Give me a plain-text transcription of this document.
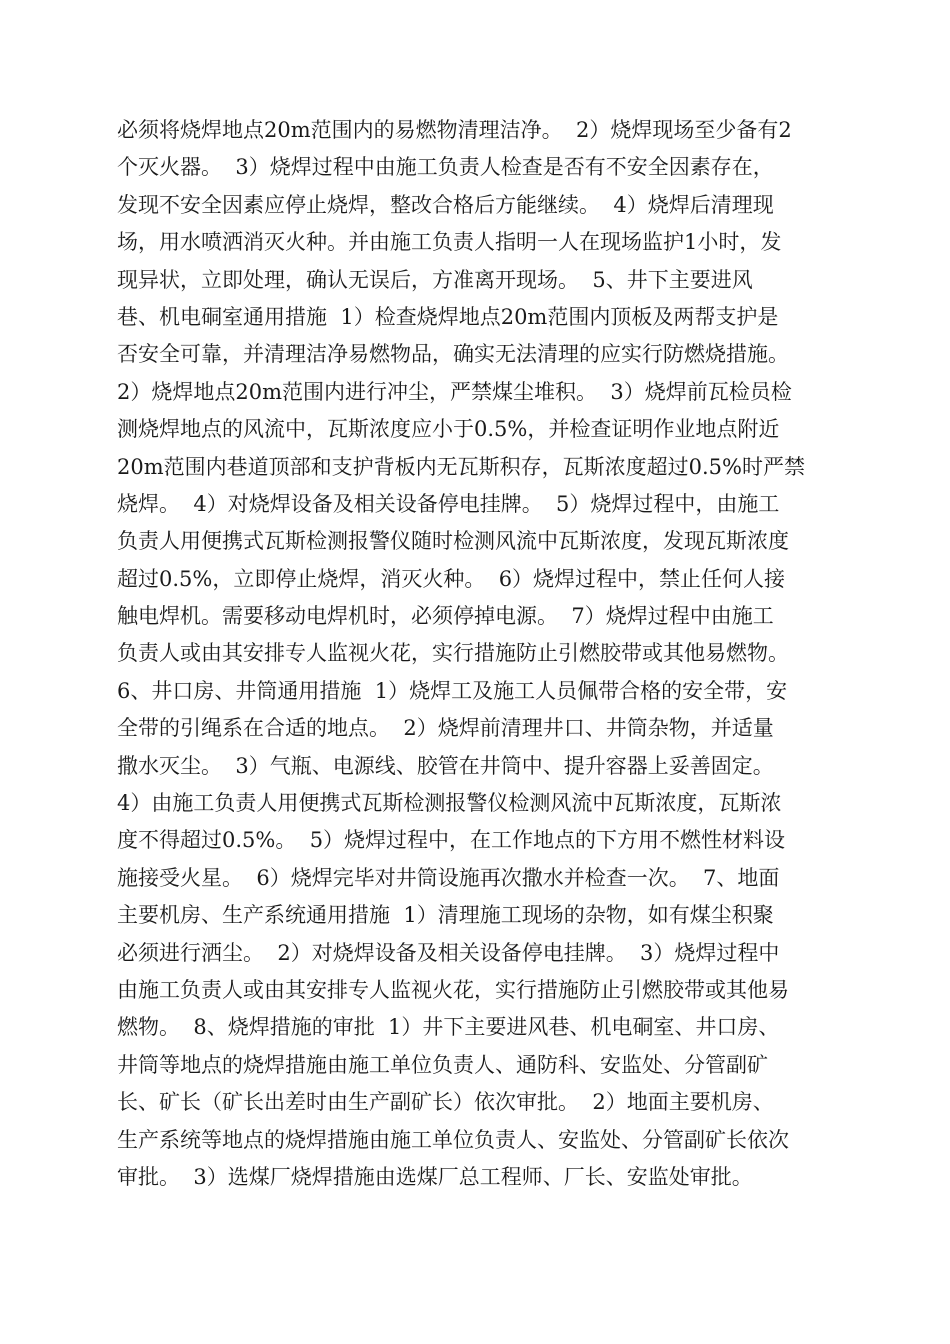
必须将烧焊地点20m范围内的易燃物清理洁净。  2）烧焊现场至少备有2
个灭火器。  3）烧焊过程中由施工负责人检查是否有不安全因素存在，
发现不安全因素应停止烧焊，整改合格后方能继续。  4）烧焊后清理现
场，用水喷洒消灭火种。并由施工负责人指明一人在现场监护1小时，发
现异状，立即处理，确认无误后，方准离开现场。  5、井下主要进风
巷、机电硐室通用措施  1）检查烧焊地点20m范围内顶板及两帮支护是
否安全可靠，并清理洁净易燃物品，确实无法清理的应实行防燃烧措施。
2）烧焊地点20m范围内进行冲尘，严禁煤尘堆积。  3）烧焊前瓦检员检
测烧焊地点的风流中，瓦斯浓度应小于0.5%，并检查证明作业地点附近
20m范围内巷道顶部和支护背板内无瓦斯积存，瓦斯浓度超过0.5%时严禁
烧焊。  4）对烧焊设备及相关设备停电挂牌。  5）烧焊过程中，由施工
负责人用便携式瓦斯检测报警仪随时检测风流中瓦斯浓度，发现瓦斯浓度
超过0.5%，立即停止烧焊，消灭火种。  6）烧焊过程中，禁止任何人接
触电焊机。需要移动电焊机时，必须停掉电源。  7）烧焊过程中由施工
负责人或由其安排专人监视火花，实行措施防止引燃胶带或其他易燃物。
6、井口房、井筒通用措施  1）烧焊工及施工人员佩带合格的安全带，安
全带的引绳系在合适的地点。  2）烧焊前清理井口、井筒杂物，并适量
撒水灭尘。  3）气瓶、电源线、胶管在井筒中、提升容器上妥善固定。
4）由施工负责人用便携式瓦斯检测报警仪检测风流中瓦斯浓度，瓦斯浓
度不得超过0.5%。  5）烧焊过程中，在工作地点的下方用不燃性材料设
施接受火星。  6）烧焊完毕对井筒设施再次撒水并检查一次。  7、地面
主要机房、生产系统通用措施  1）清理施工现场的杂物，如有煤尘积聚
必须进行洒尘。  2）对烧焊设备及相关设备停电挂牌。  3）烧焊过程中
由施工负责人或由其安排专人监视火花，实行措施防止引燃胶带或其他易
燃物。  8、烧焊措施的审批  1）井下主要进风巷、机电硐室、井口房、
井筒等地点的烧焊措施由施工单位负责人、通防科、安监处、分管副矿
长、矿长（矿长出差时由生产副矿长）依次审批。  2）地面主要机房、
生产系统等地点的烧焊措施由施工单位负责人、安监处、分管副矿长依次
审批。  3）选煤厂烧焊措施由选煤厂总工程师、厂长、安监处审批。
